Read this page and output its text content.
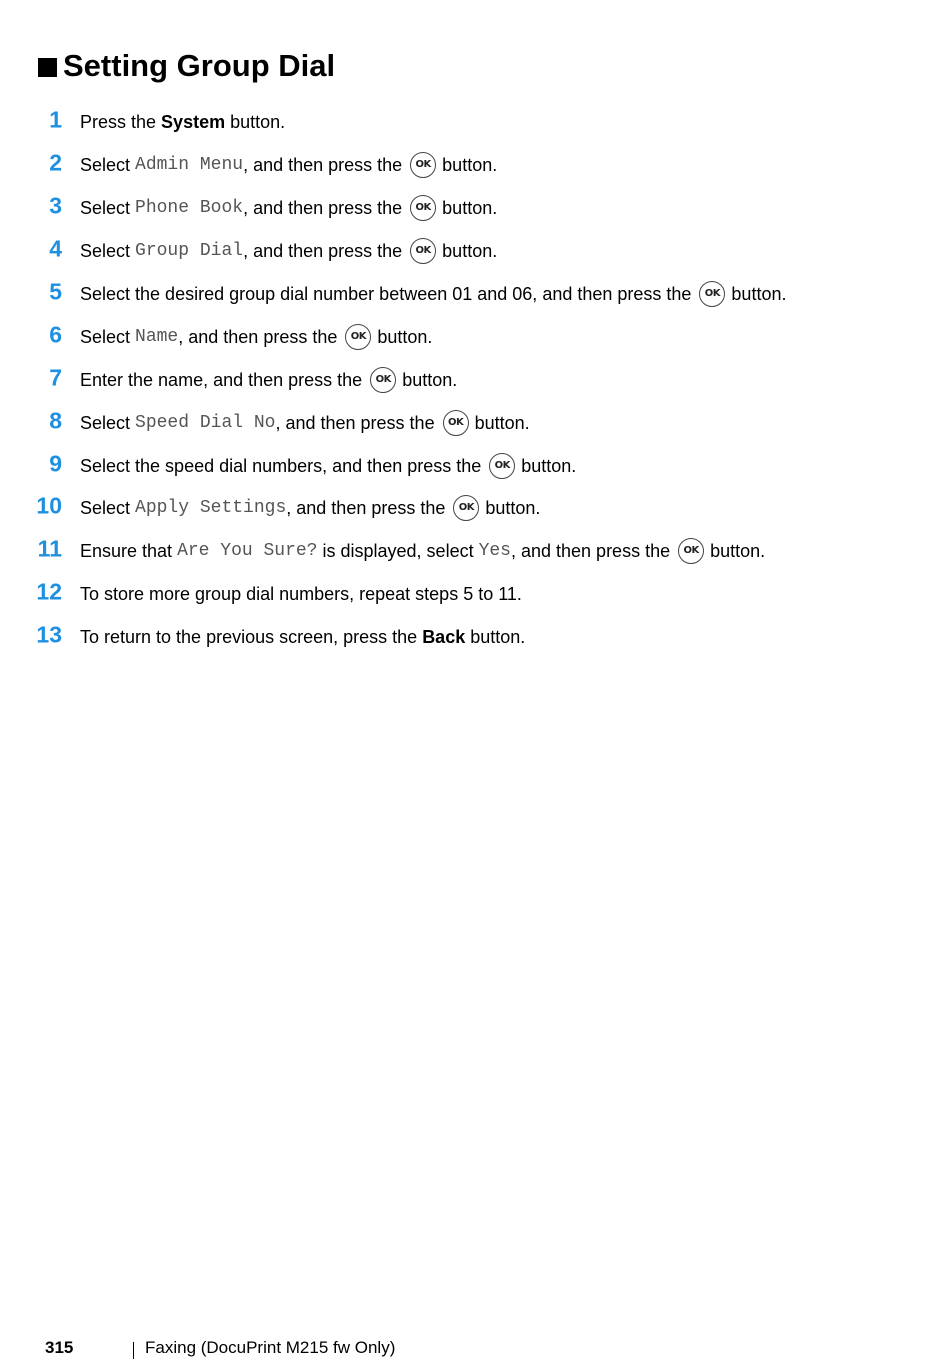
Setting Group Dial
1 Press the System button.
2 Select Admin Menu , and then press the	OK button.
3 Select Phone Book , and then press the	OK button.
4 Select Group Dial , and then press the	OK button.
5 Select the desired group dial number between 01 and 06, and then press the	OK button.
6 Select Name , and then press the	OK button.
7 Enter the name, and then press the	OK button.
8 Select Speed Dial No , and then press the	OK button.
9 Select the speed dial numbers, and then press the	OK button.
10 Select Apply Settings , and then press the	OK button.
11 Ensure that Are You Sure? is displayed, select Yes , and then press the	OK button.
12 To store more group dial numbers, repeat steps 5 to 11.
13 To return to the previous screen, press the Back button.
315	Faxing (DocuPrint M215 fw Only)
